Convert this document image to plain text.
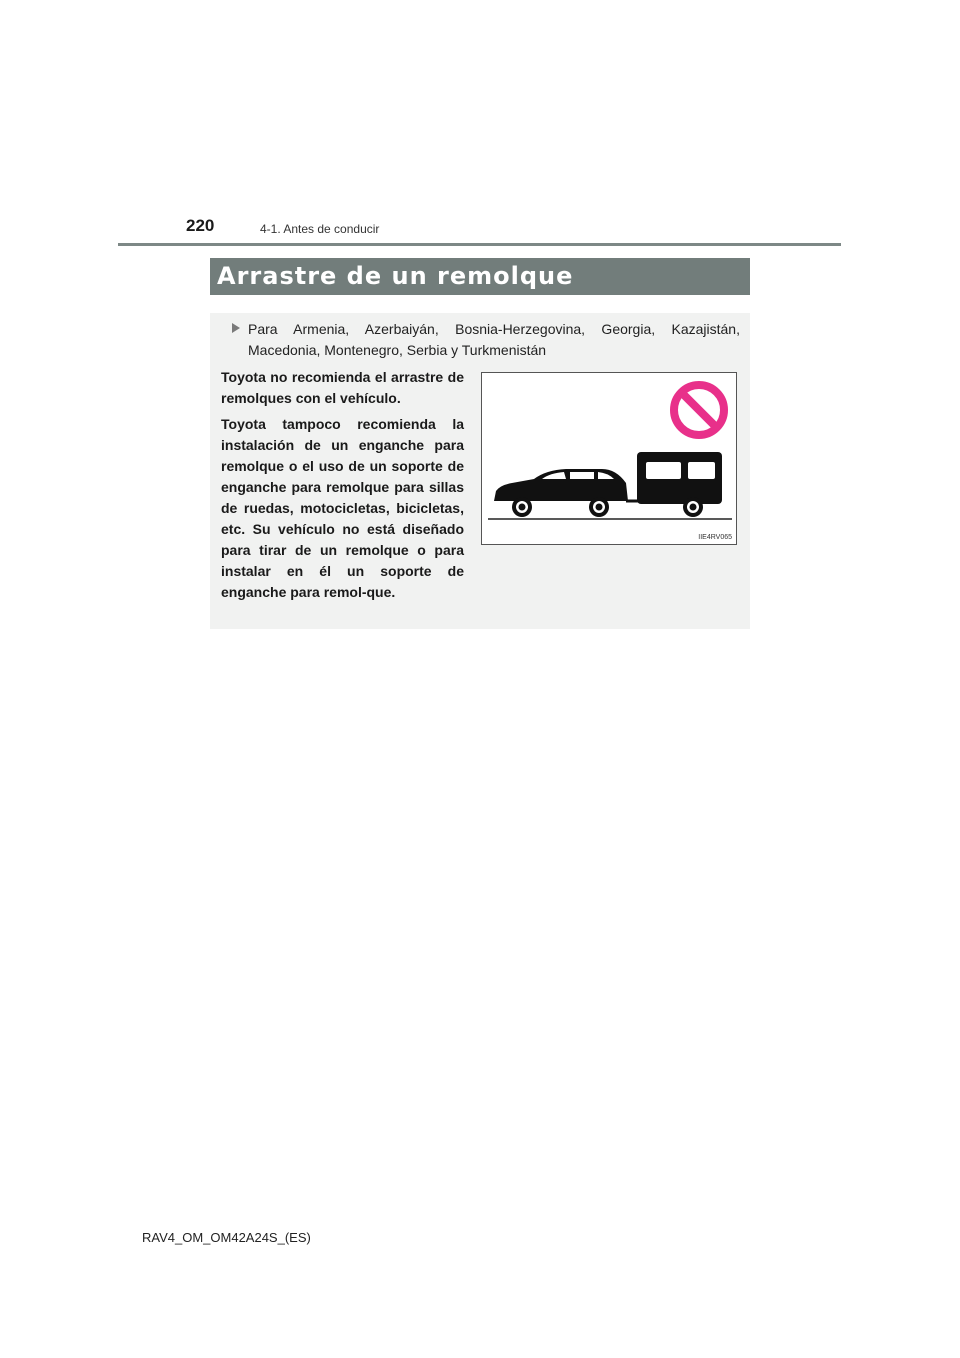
220	4-1. Antes de conducir
Arrastre de un remolque
Para Armenia, Azerbaiyán, Bosnia-Herzegovina, Georgia, Kazajistán, Macedonia, Montenegro, Serbia y Turkmenistán

Toyota no recomienda el arrastre de remolques con el vehículo.

Toyota tampoco recomienda la instalación de un enganche para remolque o el uso de un soporte de enganche para remolque para sillas de ruedas, motocicletas, bicicletas, etc. Su vehículo no está diseñado para tirar de un remolque o para instalar en él un soporte de enganche para remol-que.

IIE4RV065
RAV4_OM_OM42A24S_(ES)
